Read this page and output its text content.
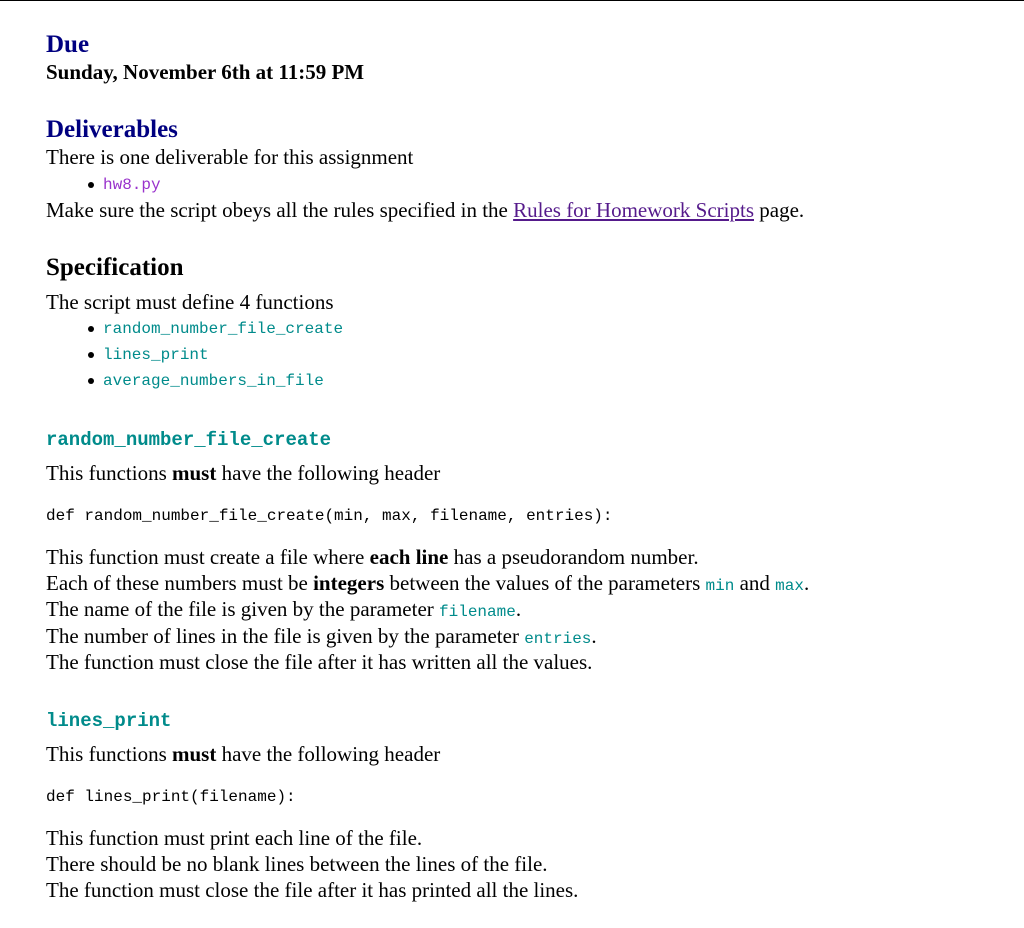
Due
Sunday, November 6th at 11:59 PM
Deliverables
There is one deliverable for this assignment
hw8.py
Make sure the script obeys all the rules specified in the Rules for Homework Scripts page.
Specification
The script must define 4 functions
random_number_file_create
lines_print
average_numbers_in_file
random_number_file_create
This functions must have the following header
def random_number_file_create(min, max, filename, entries):
This function must create a file where each line has a pseudorandom number.
Each of these numbers must be integers between the values of the parameters min and max.
The name of the file is given by the parameter filename.
The number of lines in the file is given by the parameter entries.
The function must close the file after it has written all the values.
lines_print
This functions must have the following header
def lines_print(filename):
This function must print each line of the file.
There should be no blank lines between the lines of the file.
The function must close the file after it has printed all the lines.
